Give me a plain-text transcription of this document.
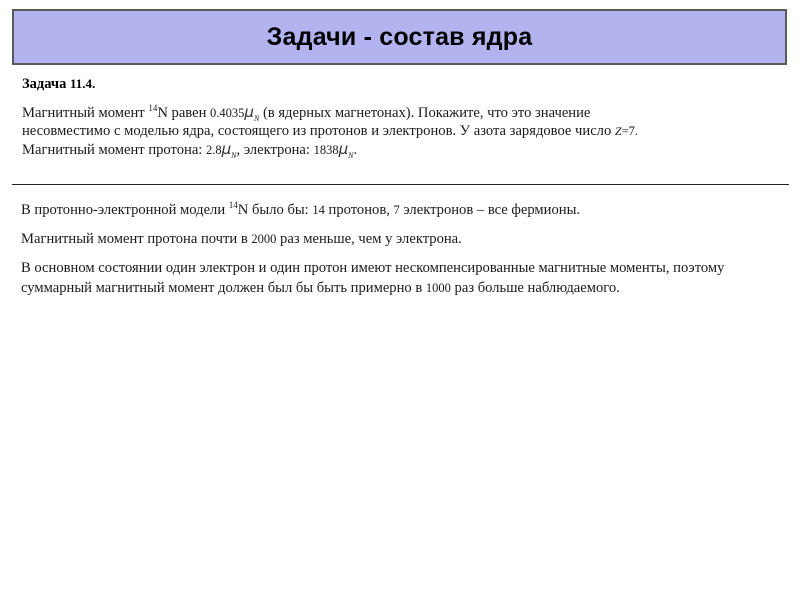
Задачи - состав ядра

Задача 11.4.

Магнитный момент $^{14}$N равен $0.4035\mu_N$ (в ядерных магнетонах). Покажите, что это значение
несовместимо с моделью ядра, состоящего из протонов и электронов. У азота зарядовое число Z=7.
Магнитный момент протона: $2.8\mu_N$, электрона: $1838\mu_N$.

В протонно-электронной модели $^{14}$N было бы: 14 протонов, 7 электронов – все фермионы.

Магнитный момент протона почти в 2000 раз меньше, чем у электрона.

В основном состоянии один электрон и один протон имеют нескомпенсированные магнитные моменты, поэтому суммарный магнитный момент должен был бы быть примерно в 1000 раз больше наблюдаемого.
